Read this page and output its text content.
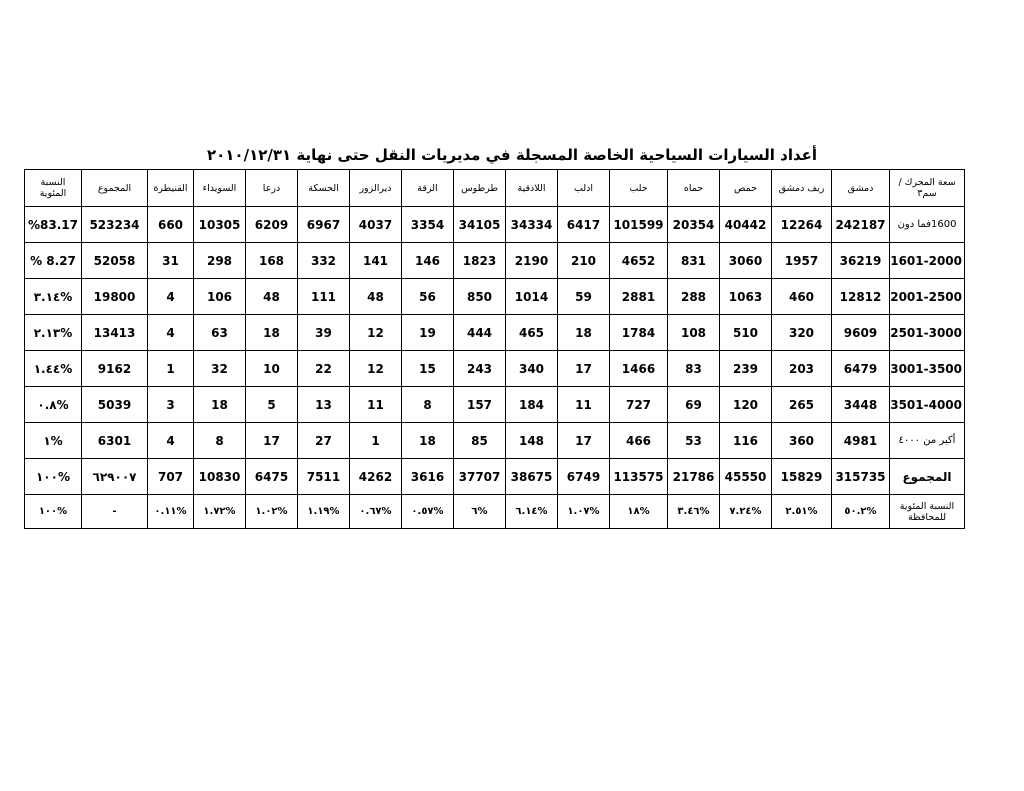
أعداد السيارات السياحية الخاصة المسجلة في مديريات النقل حتى نهاية ٢٠١٠/١٢/٣١
سعة المحرك /سم٣	دمشق	ريف دمشق	حمص	حماه	حلب	ادلب	اللاذقية	طرطوس	الرقة	ديرالزور	الحسكة	درعا	السويداء	القنيطرة	المجموع	النسبة المئوية
1600فما دون	242187	12264	40442	20354	101599	6417	34334	34105	3354	4037	6967	6209	10305	660	523234	%83.17
1601-2000	36219	1957	3060	831	4652	210	2190	1823	146	141	332	168	298	31	52058	8.27 %
2001-2500	12812	460	1063	288	2881	59	1014	850	56	48	111	48	106	4	19800	%٣.١٤
2501-3000	9609	320	510	108	1784	18	465	444	19	12	39	18	63	4	13413	%٢.١٣
3001-3500	6479	203	239	83	1466	17	340	243	15	12	22	10	32	1	9162	%١.٤٤
3501-4000	3448	265	120	69	727	11	184	157	8	11	13	5	18	3	5039	%٠.٨
أكبر من ٤٠٠٠	4981	360	116	53	466	17	148	85	18	1	27	17	8	4	6301	%١
المجموع	315735	15829	45550	21786	113575	6749	38675	37707	3616	4262	7511	6475	10830	707	٦٢٩٠٠٧	%١٠٠
النسبة المئوية للمحافظة	%٥٠.٢	%٢.٥١	%٧.٢٤	%٣.٤٦	%١٨	%١.٠٧	%٦.١٤	%٦	%٠.٥٧	%٠.٦٧	%١.١٩	%١.٠٢	%١.٧٢	%٠.١١	-	%١٠٠
